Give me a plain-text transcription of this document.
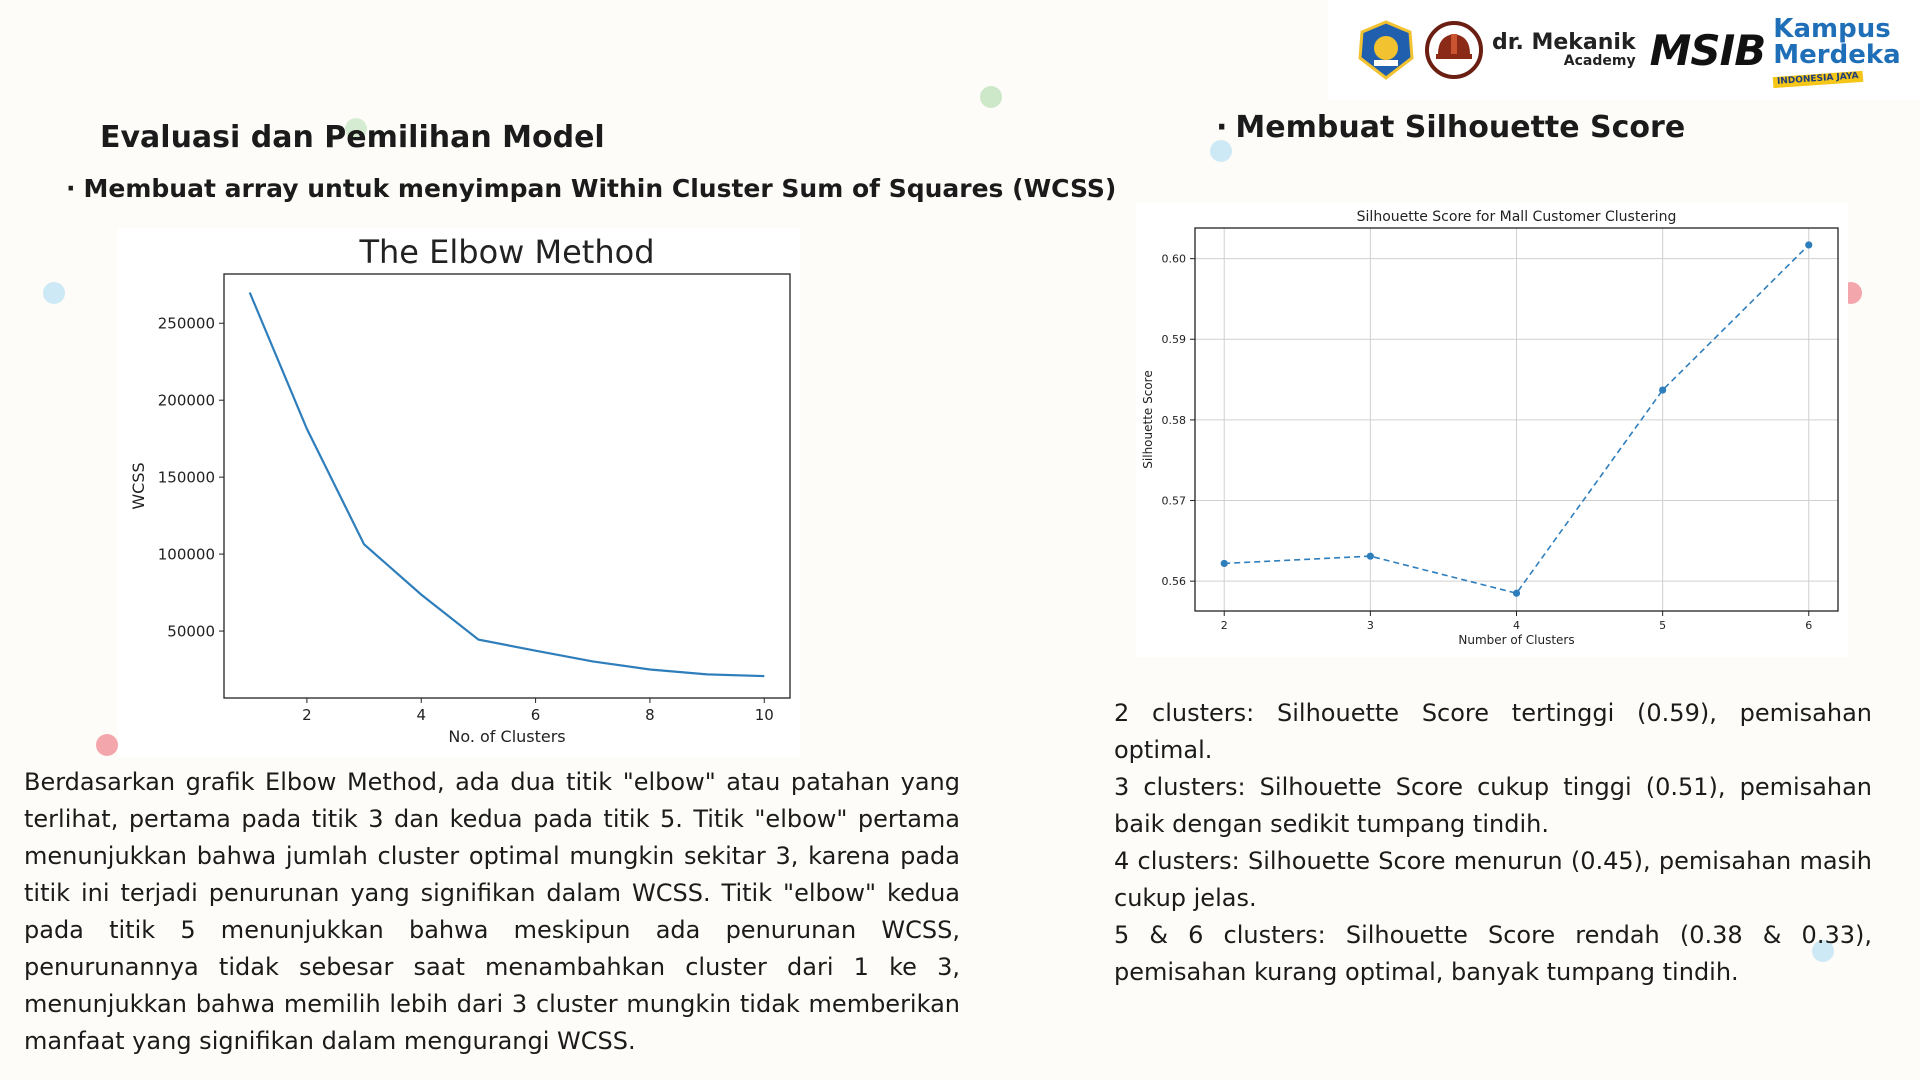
dr. Mekanik
Academy MSIB Kampus
Merdeka
INDONESIA JAYA
Evaluasi dan Pemilihan Model
· Membuat array untuk menyimpan Within Cluster Sum of Squares (WCSS)
· Membuat Silhouette Score
2	4	6	8	10
50000
100000
150000
200000
250000
The Elbow Method
No. of Clusters
WCSS
2	3	4	5	6
0.56
0.57
0.58
0.59
0.60
Silhouette Score for Mall Customer Clustering
Number of Clusters
Silhouette Score

Berdasarkan grafik Elbow Method, ada dua titik "elbow" atau patahan yang terlihat, pertama pada titik 3 dan kedua pada titik 5. Titik "elbow" pertama menunjukkan bahwa jumlah cluster optimal mungkin sekitar 3, karena pada titik ini terjadi penurunan yang signifikan dalam WCSS. Titik "elbow" kedua pada titik 5 menunjukkan bahwa meskipun ada penurunan WCSS, penurunannya tidak sebesar saat menambahkan cluster dari 1 ke 3, menunjukkan bahwa memilih lebih dari 3 cluster mungkin tidak memberikan manfaat yang signifikan dalam mengurangi WCSS.

2 clusters: Silhouette Score tertinggi (0.59), pemisahan optimal.

3 clusters: Silhouette Score cukup tinggi (0.51), pemisahan baik dengan sedikit tumpang tindih.

4 clusters: Silhouette Score menurun (0.45), pemisahan masih cukup jelas.

5 & 6 clusters: Silhouette Score rendah (0.38 & 0.33), pemisahan kurang optimal, banyak tumpang tindih.
